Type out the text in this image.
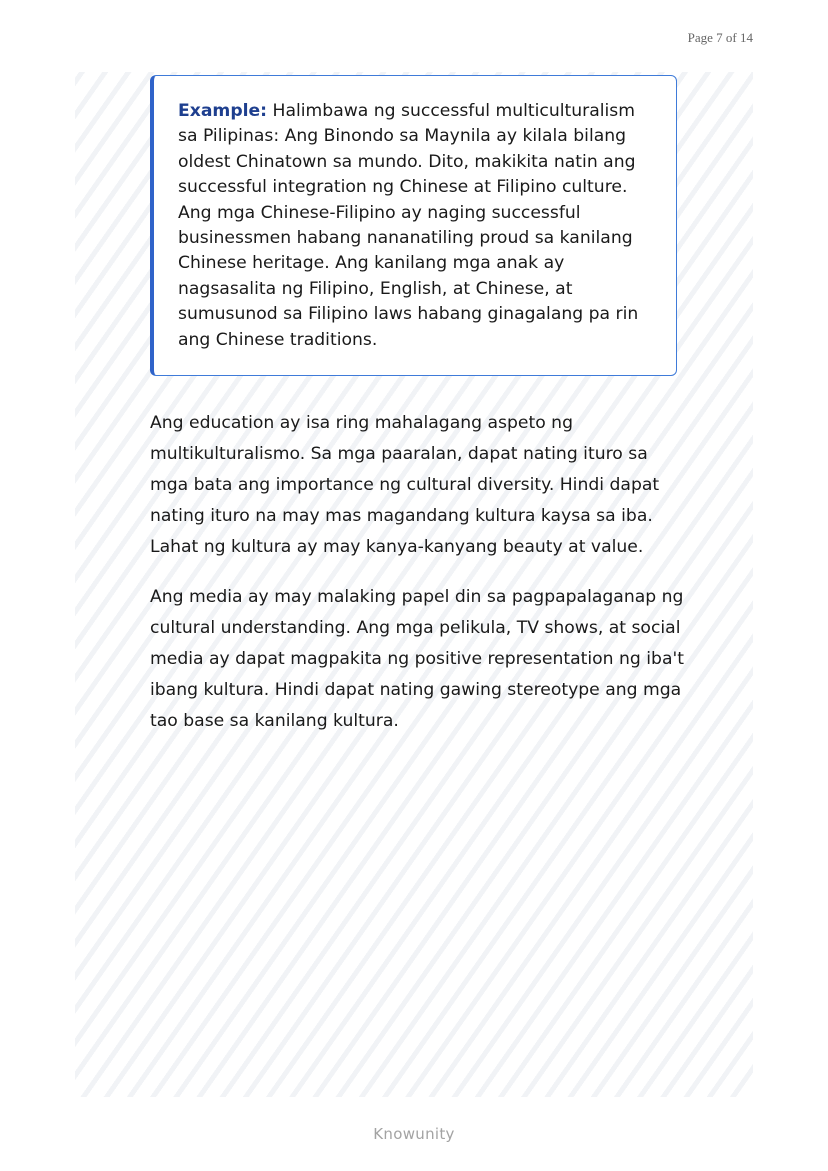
Page 7 of 14
Example: Halimbawa ng successful multiculturalism sa Pilipinas: Ang Binondo sa Maynila ay kilala bilang oldest Chinatown sa mundo. Dito, makikita natin ang successful integration ng Chinese at Filipino culture. Ang mga Chinese-Filipino ay naging successful businessmen habang nananatiling proud sa kanilang Chinese heritage. Ang kanilang mga anak ay nagsasalita ng Filipino, English, at Chinese, at sumusunod sa Filipino laws habang ginagalang pa rin ang Chinese traditions.
Ang education ay isa ring mahalagang aspeto ng multikulturalismo. Sa mga paaralan, dapat nating ituro sa mga bata ang importance ng cultural diversity. Hindi dapat nating ituro na may mas magandang kultura kaysa sa iba. Lahat ng kultura ay may kanya-kanyang beauty at value.
Ang media ay may malaking papel din sa pagpapalaganap ng cultural understanding. Ang mga pelikula, TV shows, at social media ay dapat magpakita ng positive representation ng iba't ibang kultura. Hindi dapat nating gawing stereotype ang mga tao base sa kanilang kultura.
Knowunity
